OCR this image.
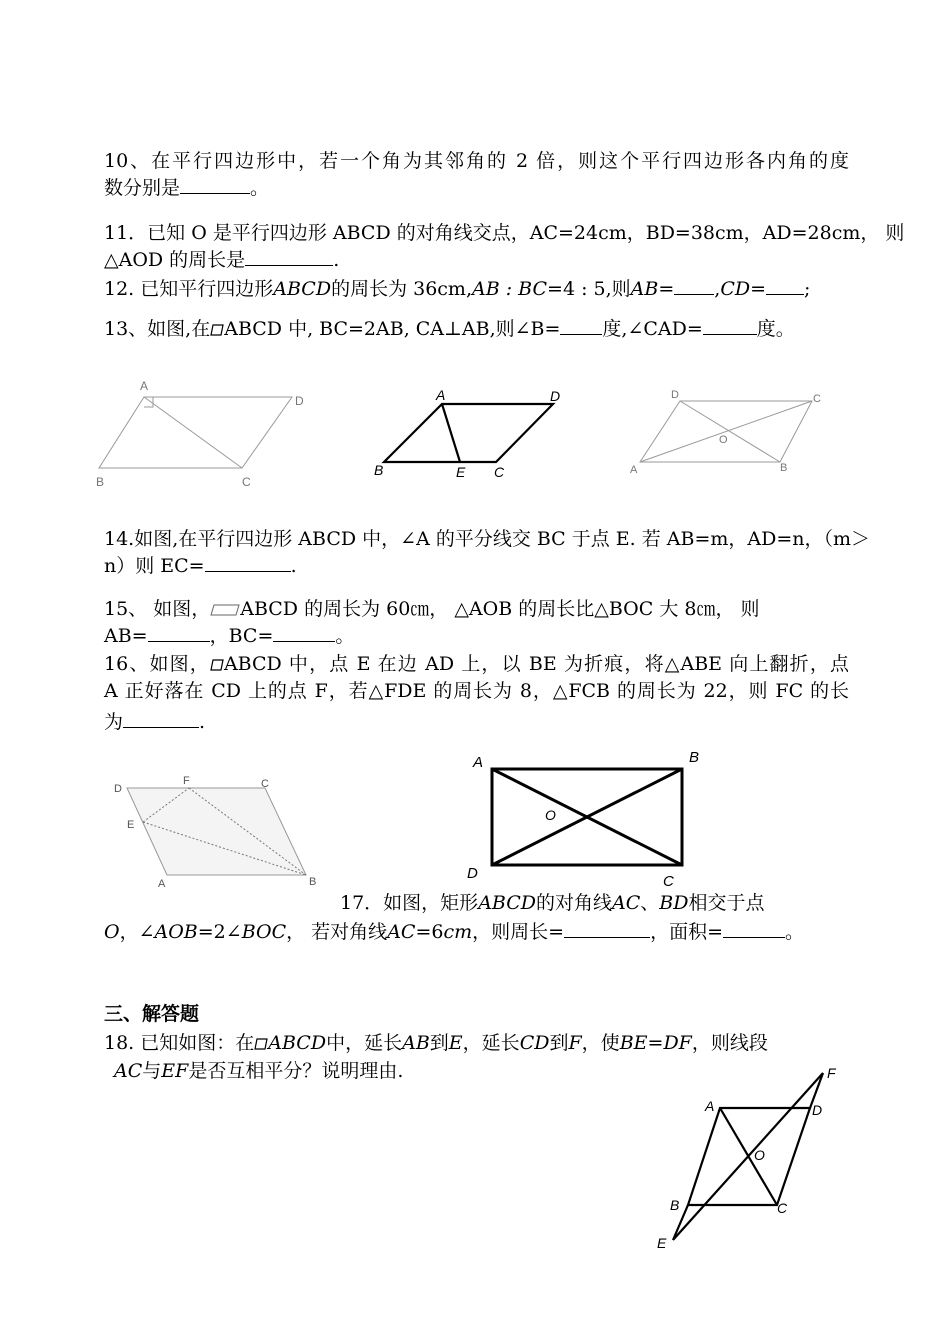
10、在平行四边形中，若一个角为其邻角的 2 倍，则这个平行四边形各内角的度
数分别是	。
11．已知 O 是平行四边形 ABCD 的对角线交点，AC=24cm，BD=38cm，AD=28cm， 则
△AOD 的周长是	.
12. 已知平行四边形ABCD的周长为 36cm,AB : BC=4 : 5,则AB= ,CD= ;
13、如图,在 ABCD 中, BC=2AB, CA⊥AB,则∠B= 度,∠CAD=	度。
A
D
B	C
A	D
B	E C
D	C
O
A	B
14.如图,在平行四边形 ABCD 中，∠A 的平分线交 BC 于点 E. 若 AB=m，AD=n，（m＞
n）则 EC=	.
15、 如图， ABCD 的周长为 60㎝， △AOB 的周长比△BOC 大 8㎝， 则
AB=	，BC=	。
16、如图， ABCD 中，点 E 在边 AD 上，以 BE 为折痕，将△ABE 向上翻折，点
A 正好落在 CD 上的点 F，若△FDE 的周长为 8，△FCB 的周长为 22，则 FC 的长
为	.
D
F	C
E
A	B
A	B
O
D	C
17．如图，矩形ABCD的对角线AC、BD相交于点
O，∠AOB=2∠BOC， 若对角线AC=6cm，则周长=	，面积=	。
三、解答题
18. 已知如图：在 ABCD中，延长AB到E，延长CD到F，使BE=DF，则线段
AC与EF是否互相平分？说明理由.
A	D
F
O
B	C
E
